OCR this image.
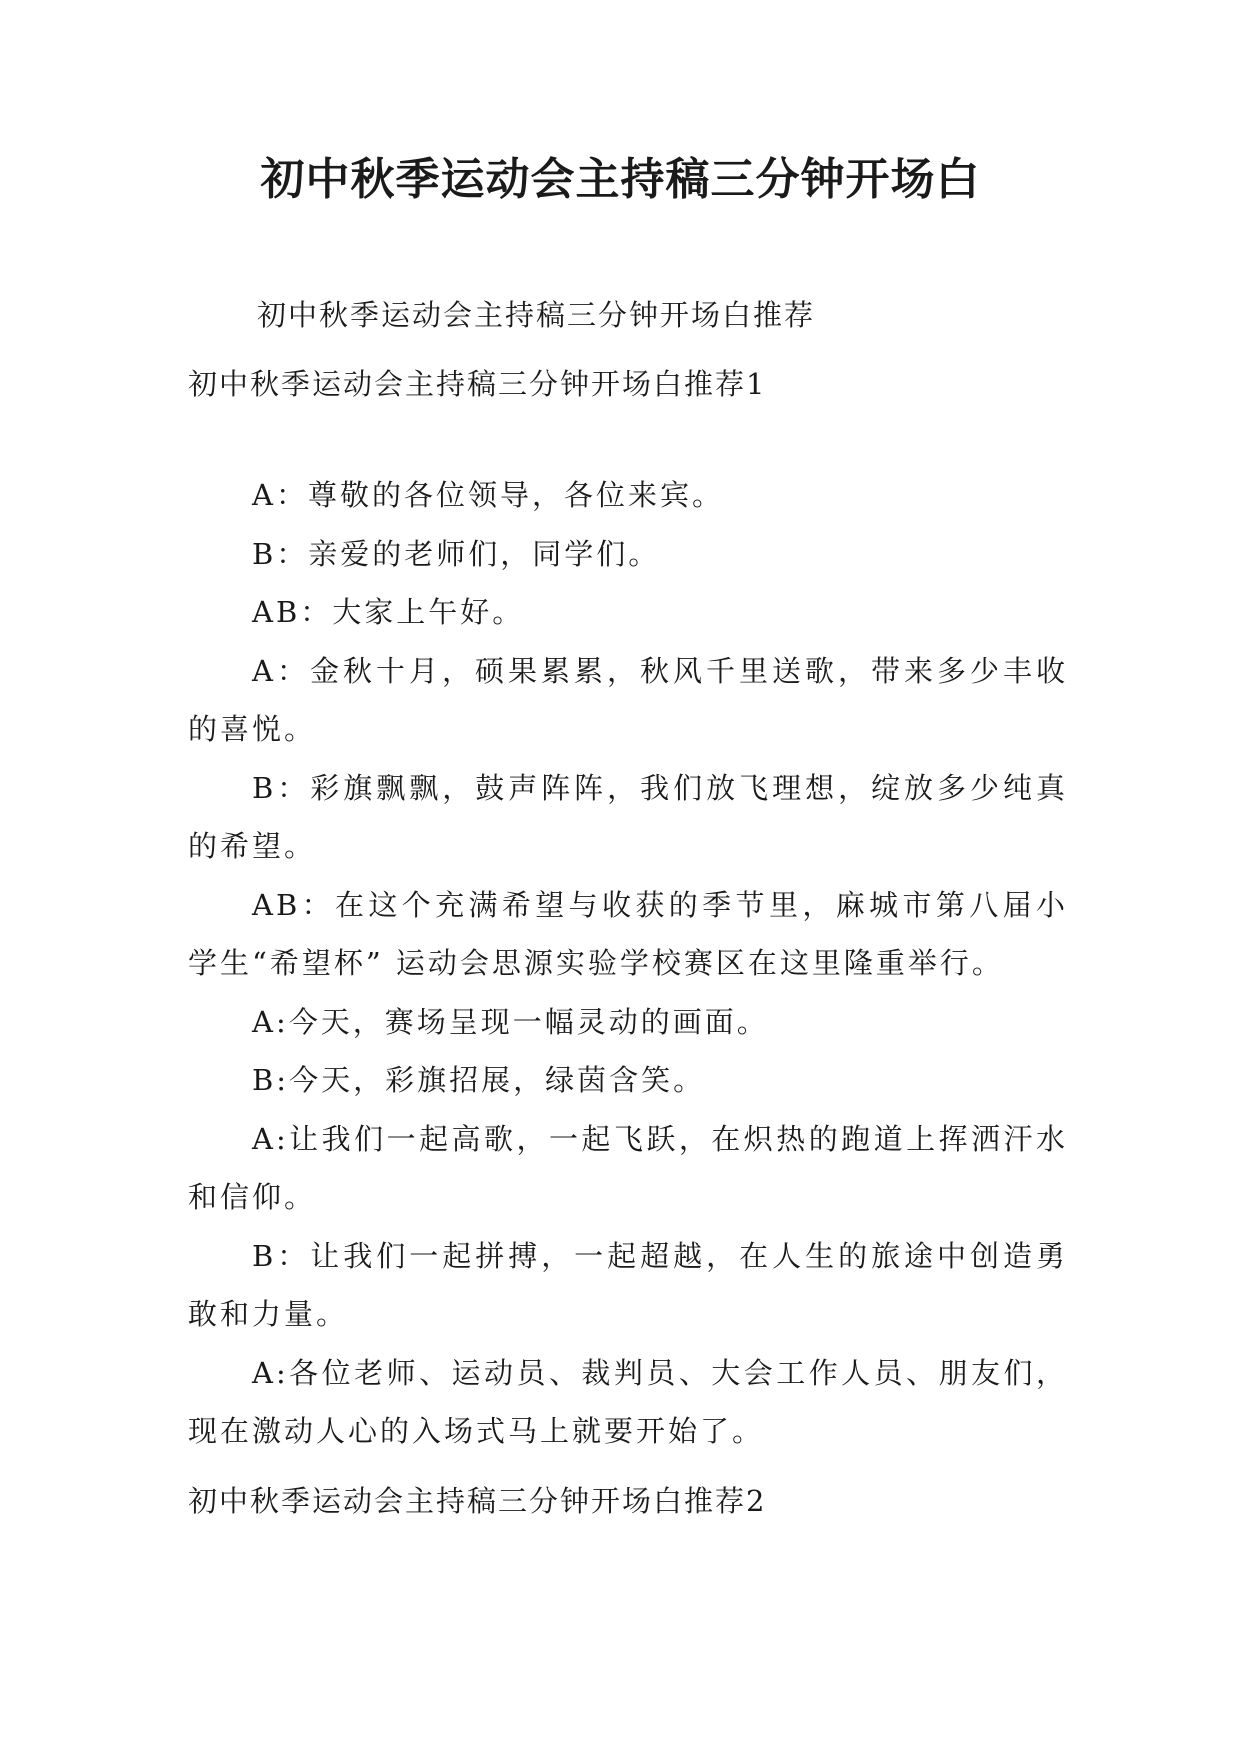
初中秋季运动会主持稿三分钟开场白

初中秋季运动会主持稿三分钟开场白推荐

初中秋季运动会主持稿三分钟开场白推荐1

A：尊敬的各位领导，各位来宾。

B：亲爱的老师们，同学们。

AB：大家上午好。

A：金秋十月，硕果累累，秋风千里送歌，带来多少丰收的喜悦。

B：彩旗飘飘，鼓声阵阵，我们放飞理想，绽放多少纯真的希望。

AB：在这个充满希望与收获的季节里，麻城市第八届小学生“希望杯” 运动会思源实验学校赛区在这里隆重举行。

A:今天，赛场呈现一幅灵动的画面。

B:今天，彩旗招展，绿茵含笑。

A:让我们一起高歌，一起飞跃，在炽热的跑道上挥洒汗水和信仰。

B：让我们一起拼搏，一起超越，在人生的旅途中创造勇敢和力量。

A:各位老师、运动员、裁判员、大会工作人员、朋友们，现在激动人心的入场式马上就要开始了。

初中秋季运动会主持稿三分钟开场白推荐2
